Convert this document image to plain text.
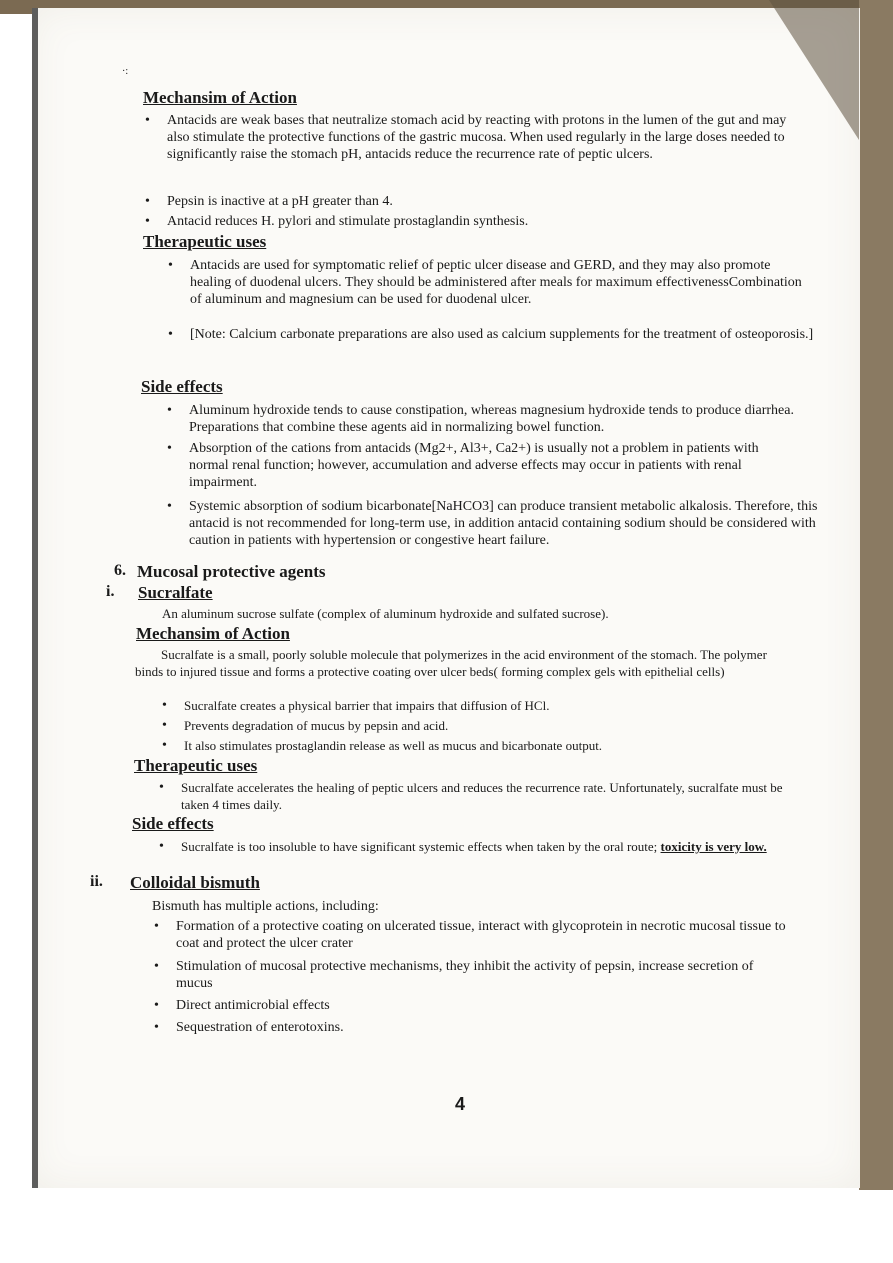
·:
Mechansim of Action
• Antacids are weak bases that neutralize stomach acid by reacting with protons in the lumen of the gut and may also stimulate the protective functions of the gastric mucosa. When used regularly in the large doses needed to significantly raise the stomach pH, antacids reduce the recurrence rate of peptic ulcers.
• Pepsin is inactive at a pH greater than 4.
• Antacid reduces H. pylori and stimulate prostaglandin synthesis.
Therapeutic uses
• Antacids are used for symptomatic relief of peptic ulcer disease and GERD, and they may also promote healing of duodenal ulcers. They should be administered after meals for maximum effectivenessCombination of aluminum and magnesium can be used for duodenal ulcer.
• [Note: Calcium carbonate preparations are also used as calcium supplements for the treatment of osteoporosis.]
Side effects
• Aluminum hydroxide tends to cause constipation, whereas magnesium hydroxide tends to produce diarrhea. Preparations that combine these agents aid in normalizing bowel function.
• Absorption of the cations from antacids (Mg2+, Al3+, Ca2+) is usually not a problem in patients with normal renal function; however, accumulation and adverse effects may occur in patients with renal impairment.
• Systemic absorption of sodium bicarbonate[NaHCO3] can produce transient metabolic alkalosis. Therefore, this antacid is not recommended for long-term use, in addition antacid containing sodium should be considered with caution in patients with hypertension or congestive heart failure.
6. Mucosal protective agents
i. Sucralfate
An aluminum sucrose sulfate (complex of aluminum hydroxide and sulfated sucrose).
Mechansim of Action
Sucralfate is a small, poorly soluble molecule that polymerizes in the acid environment of the stomach. The polymer binds to injured tissue and forms a protective coating over ulcer beds( forming complex gels with epithelial cells)
• Sucralfate creates a physical barrier that impairs that diffusion of HCl.
• Prevents degradation of mucus by pepsin and acid.
• It also stimulates prostaglandin release as well as mucus and bicarbonate output.
Therapeutic uses
• Sucralfate accelerates the healing of peptic ulcers and reduces the recurrence rate. Unfortunately, sucralfate must be taken 4 times daily.
Side effects
• Sucralfate is too insoluble to have significant systemic effects when taken by the oral route; toxicity is very low.
ii. Colloidal bismuth
Bismuth has multiple actions, including:
• Formation of a protective coating on ulcerated tissue, interact with glycoprotein in necrotic mucosal tissue to coat and protect the ulcer crater
• Stimulation of mucosal protective mechanisms, they inhibit the activity of pepsin, increase secretion of mucus
• Direct antimicrobial effects
• Sequestration of enterotoxins.
4
